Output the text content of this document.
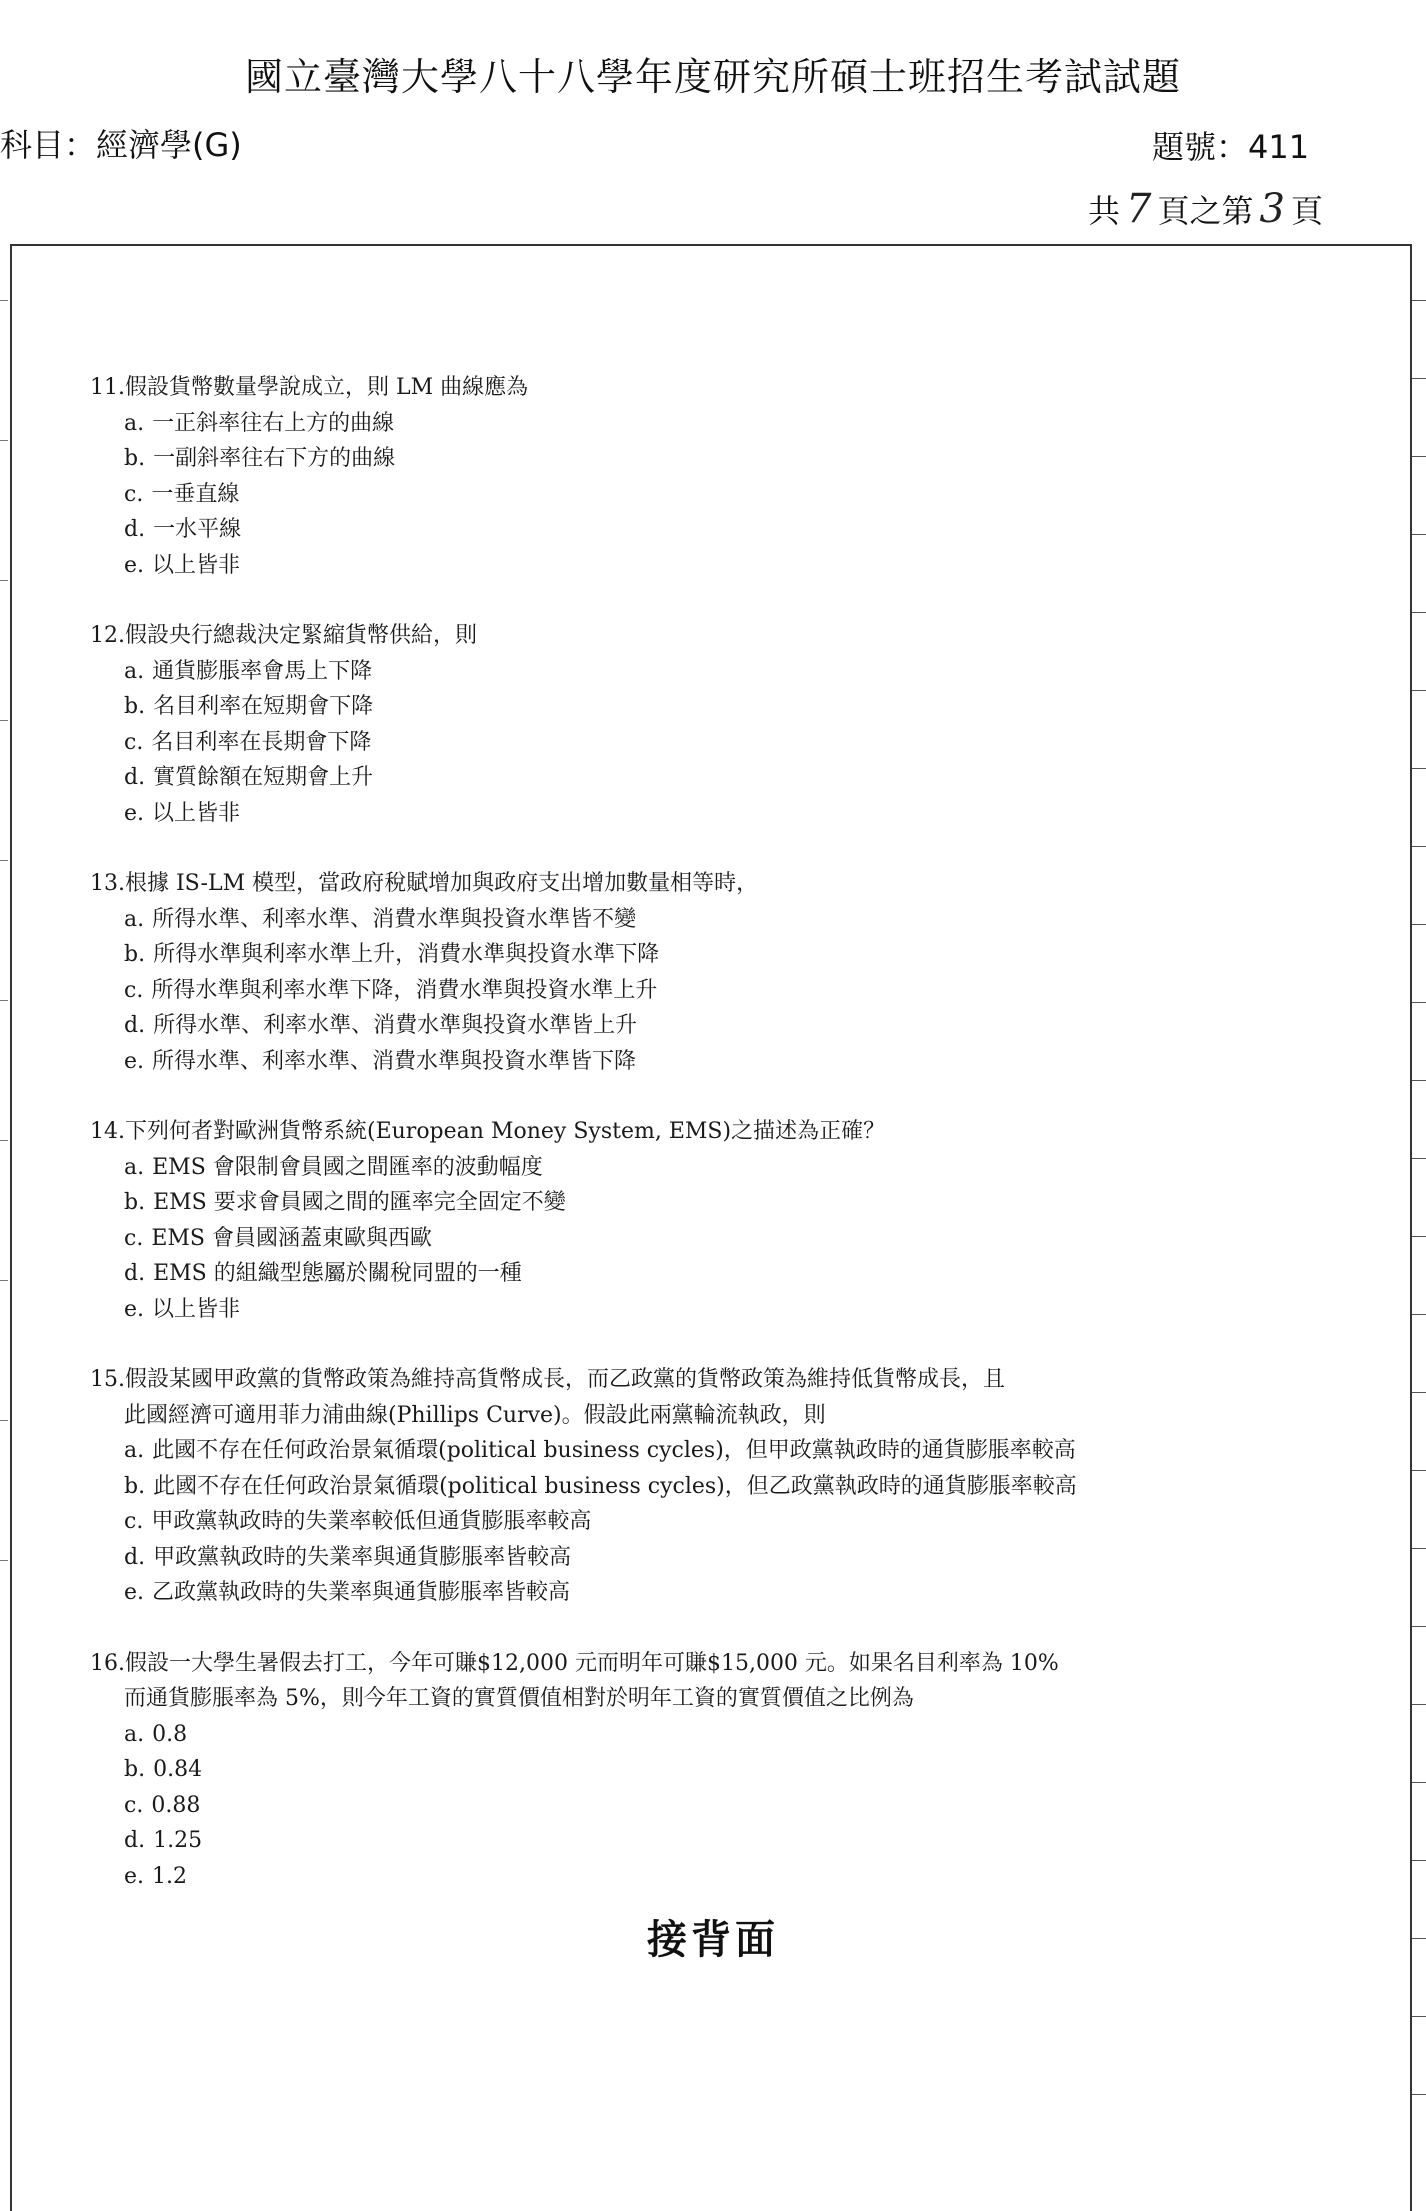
國立臺灣大學八十八學年度研究所碩士班招生考試試題
科目：經濟學(G)	題號：411
共 7 頁之第 3 頁

11.假設貨幣數量學說成立，則 LM 曲線應為

a. 一正斜率往右上方的曲線
b. 一副斜率往右下方的曲線
c. 一垂直線
d. 一水平線
e. 以上皆非

12.假設央行總裁決定緊縮貨幣供給，則

a. 通貨膨脹率會馬上下降
b. 名目利率在短期會下降
c. 名目利率在長期會下降
d. 實質餘額在短期會上升
e. 以上皆非

13.根據 IS-LM 模型，當政府稅賦增加與政府支出增加數量相等時，

a. 所得水準、利率水準、消費水準與投資水準皆不變
b. 所得水準與利率水準上升，消費水準與投資水準下降
c. 所得水準與利率水準下降，消費水準與投資水準上升
d. 所得水準、利率水準、消費水準與投資水準皆上升
e. 所得水準、利率水準、消費水準與投資水準皆下降

14.下列何者對歐洲貨幣系統(European Money System, EMS)之描述為正確？

a. EMS 會限制會員國之間匯率的波動幅度
b. EMS 要求會員國之間的匯率完全固定不變
c. EMS 會員國涵蓋東歐與西歐
d. EMS 的組織型態屬於關稅同盟的一種
e. 以上皆非

15.假設某國甲政黨的貨幣政策為維持高貨幣成長，而乙政黨的貨幣政策為維持低貨幣成長，且

此國經濟可適用菲力浦曲線(Phillips Curve)。假設此兩黨輪流執政，則

a. 此國不存在任何政治景氣循環(political business cycles)，但甲政黨執政時的通貨膨脹率較高
b. 此國不存在任何政治景氣循環(political business cycles)，但乙政黨執政時的通貨膨脹率較高
c. 甲政黨執政時的失業率較低但通貨膨脹率較高
d. 甲政黨執政時的失業率與通貨膨脹率皆較高
e. 乙政黨執政時的失業率與通貨膨脹率皆較高

16.假設一大學生暑假去打工，今年可賺$12,000 元而明年可賺$15,000 元。如果名目利率為 10%

而通貨膨脹率為 5%，則今年工資的實質價值相對於明年工資的實質價值之比例為

a. 0.8
b. 0.84
c. 0.88
d. 1.25
e. 1.2
接背面
